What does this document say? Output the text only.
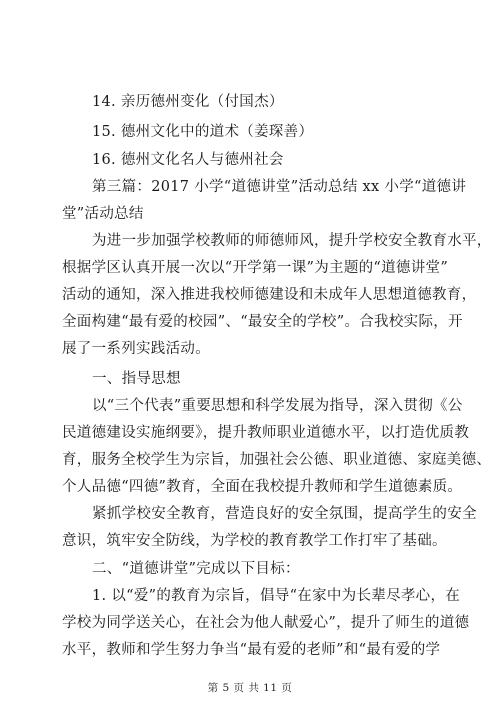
14. 亲历德州变化（付国杰）
15. 德州文化中的道术（姜琛善）
16. 德州文化名人与德州社会
第三篇：2017 小学“道德讲堂”活动总结 xx 小学“道德讲
堂”活动总结
为进一步加强学校教师的师德师风，提升学校安全教育水平，
根据学区认真开展一次以“开学第一课”为主题的“道德讲堂”
活动的通知，深入推进我校师德建设和未成年人思想道德教育，
全面构建“最有爱的校园”、“最安全的学校”。合我校实际，开
展了一系列实践活动。
一、指导思想
以“三个代表”重要思想和科学发展为指导，深入贯彻《公
民道德建设实施纲要》，提升教师职业道德水平，以打造优质教
育，服务全校学生为宗旨，加强社会公德、职业道德、家庭美德、
个人品德“四德”教育，全面在我校提升教师和学生道德素质。
紧抓学校安全教育，营造良好的安全氛围，提高学生的安全
意识，筑牢安全防线，为学校的教育教学工作打牢了基础。
二、“道德讲堂”完成以下目标：
1. 以“爱”的教育为宗旨，倡导“在家中为长辈尽孝心，在
学校为同学送关心，在社会为他人献爱心”，提升了师生的道德
水平，教师和学生努力争当“最有爱的老师”和“最有爱的学
第 5 页 共 11 页
